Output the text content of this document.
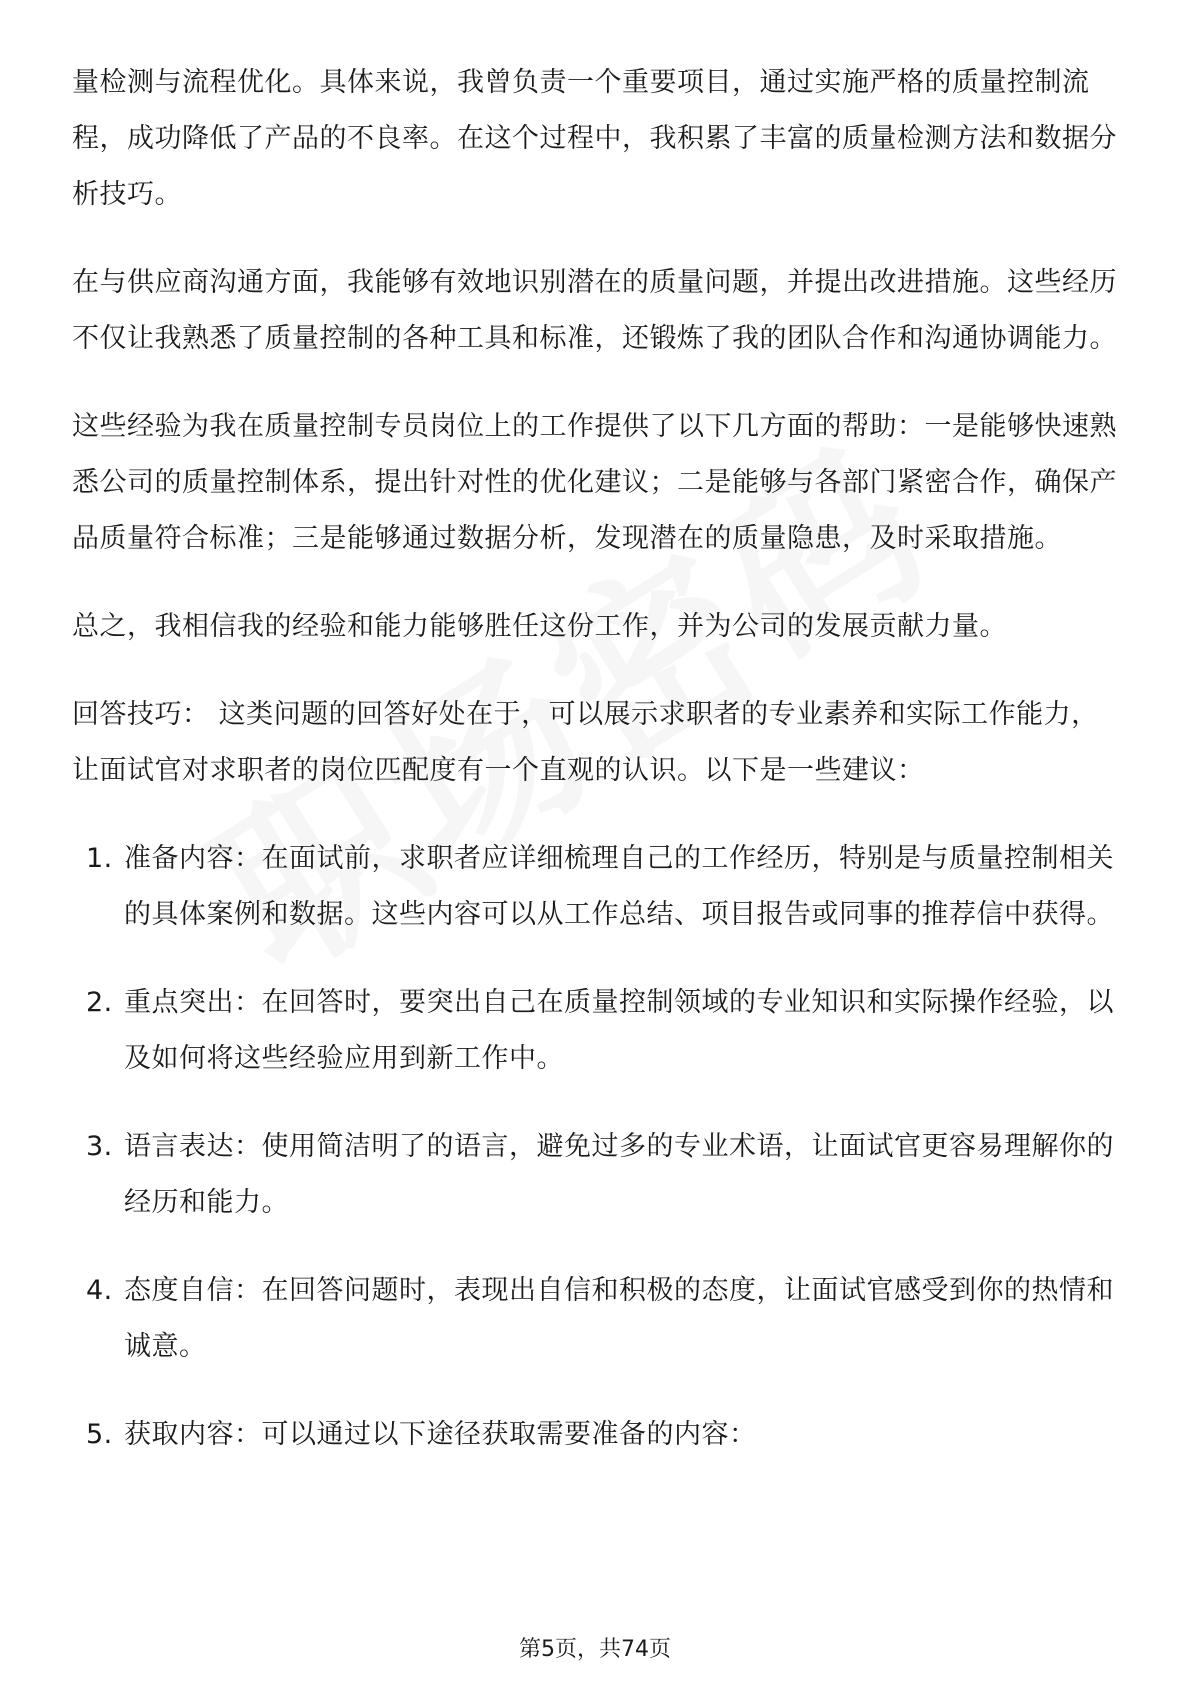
量检测与流程优化。具体来说，我曾负责一个重要项目，通过实施严格的质量控制流程，成功降低了产品的不良率。在这个过程中，我积累了丰富的质量检测方法和数据分析技巧。

在与供应商沟通方面，我能够有效地识别潜在的质量问题，并提出改进措施。这些经历不仅让我熟悉了质量控制的各种工具和标准，还锻炼了我的团队合作和沟通协调能力。

这些经验为我在质量控制专员岗位上的工作提供了以下几方面的帮助：一是能够快速熟悉公司的质量控制体系，提出针对性的优化建议；二是能够与各部门紧密合作，确保产品质量符合标准；三是能够通过数据分析，发现潜在的质量隐患，及时采取措施。

总之，我相信我的经验和能力能够胜任这份工作，并为公司的发展贡献力量。

回答技巧： 这类问题的回答好处在于，可以展示求职者的专业素养和实际工作能力，让面试官对求职者的岗位匹配度有一个直观的认识。以下是一些建议：

1. 准备内容：在面试前，求职者应详细梳理自己的工作经历，特别是与质量控制相关的具体案例和数据。这些内容可以从工作总结、项目报告或同事的推荐信中获得。
2. 重点突出：在回答时，要突出自己在质量控制领域的专业知识和实际操作经验，以及如何将这些经验应用到新工作中。
3. 语言表达：使用简洁明了的语言，避免过多的专业术语，让面试官更容易理解你的经历和能力。
4. 态度自信：在回答问题时，表现出自信和积极的态度，让面试官感受到你的热情和诚意。
5. 获取内容：可以通过以下途径获取需要准备的内容：
第5页，共74页
